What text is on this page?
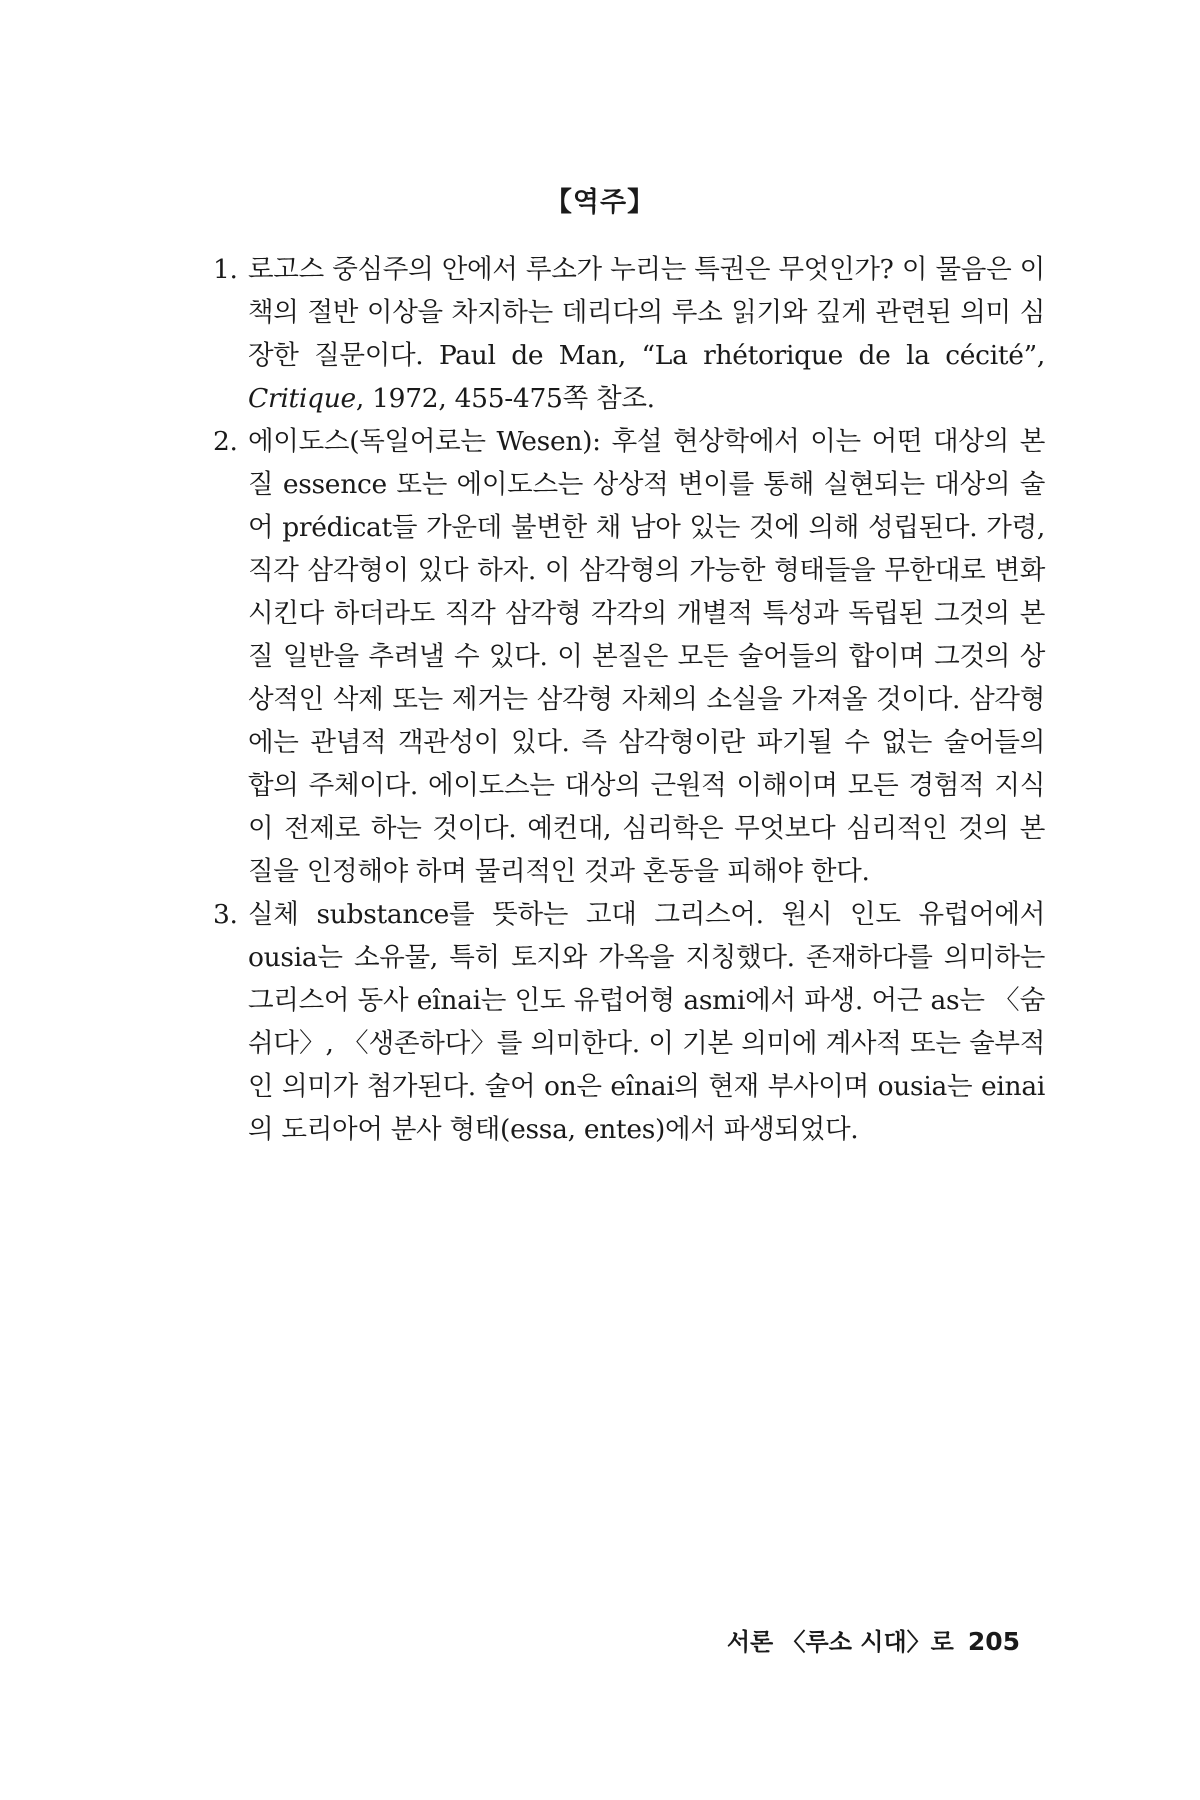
【역주】
1. 로고스 중심주의 안에서 루소가 누리는 특권은 무엇인가? 이 물음은 이 책의 절반 이상을 차지하는 데리다의 루소 읽기와 깊게 관련된 의미 심장한 질문이다. Paul de Man, “La rhétorique de la cécité”, Critique, 1972, 455-475쪽 참조.
2. 에이도스(독일어로는 Wesen): 후설 현상학에서 이는 어떤 대상의 본질 essence 또는 에이도스는 상상적 변이를 통해 실현되는 대상의 술어 prédicat들 가운데 불변한 채 남아 있는 것에 의해 성립된다. 가령, 직각 삼각형이 있다 하자. 이 삼각형의 가능한 형태들을 무한대로 변화시킨다 하더라도 직각 삼각형 각각의 개별적 특성과 독립된 그것의 본질 일반을 추려낼 수 있다. 이 본질은 모든 술어들의 합이며 그것의 상상적인 삭제 또는 제거는 삼각형 자체의 소실을 가져올 것이다. 삼각형에는 관념적 객관성이 있다. 즉 삼각형이란 파기될 수 없는 술어들의 합의 주체이다. 에이도스는 대상의 근원적 이해이며 모든 경험적 지식이 전제로 하는 것이다. 예컨대, 심리학은 무엇보다 심리적인 것의 본질을 인정해야 하며 물리적인 것과 혼동을 피해야 한다.
3. 실체 substance를 뜻하는 고대 그리스어. 원시 인도 유럽어에서 ousia는 소유물, 특히 토지와 가옥을 지칭했다. 존재하다를 의미하는 그리스어 동사 eînai는 인도 유럽어형 asmi에서 파생. 어근 as는 〈숨쉬다〉, 〈생존하다〉를 의미한다. 이 기본 의미에 계사적 또는 술부적인 의미가 첨가된다. 술어 on은 eînai의 현재 부사이며 ousia는 einai의 도리아어 분사 형태(essa, entes)에서 파생되었다.
서론 〈루소 시대〉로 205
